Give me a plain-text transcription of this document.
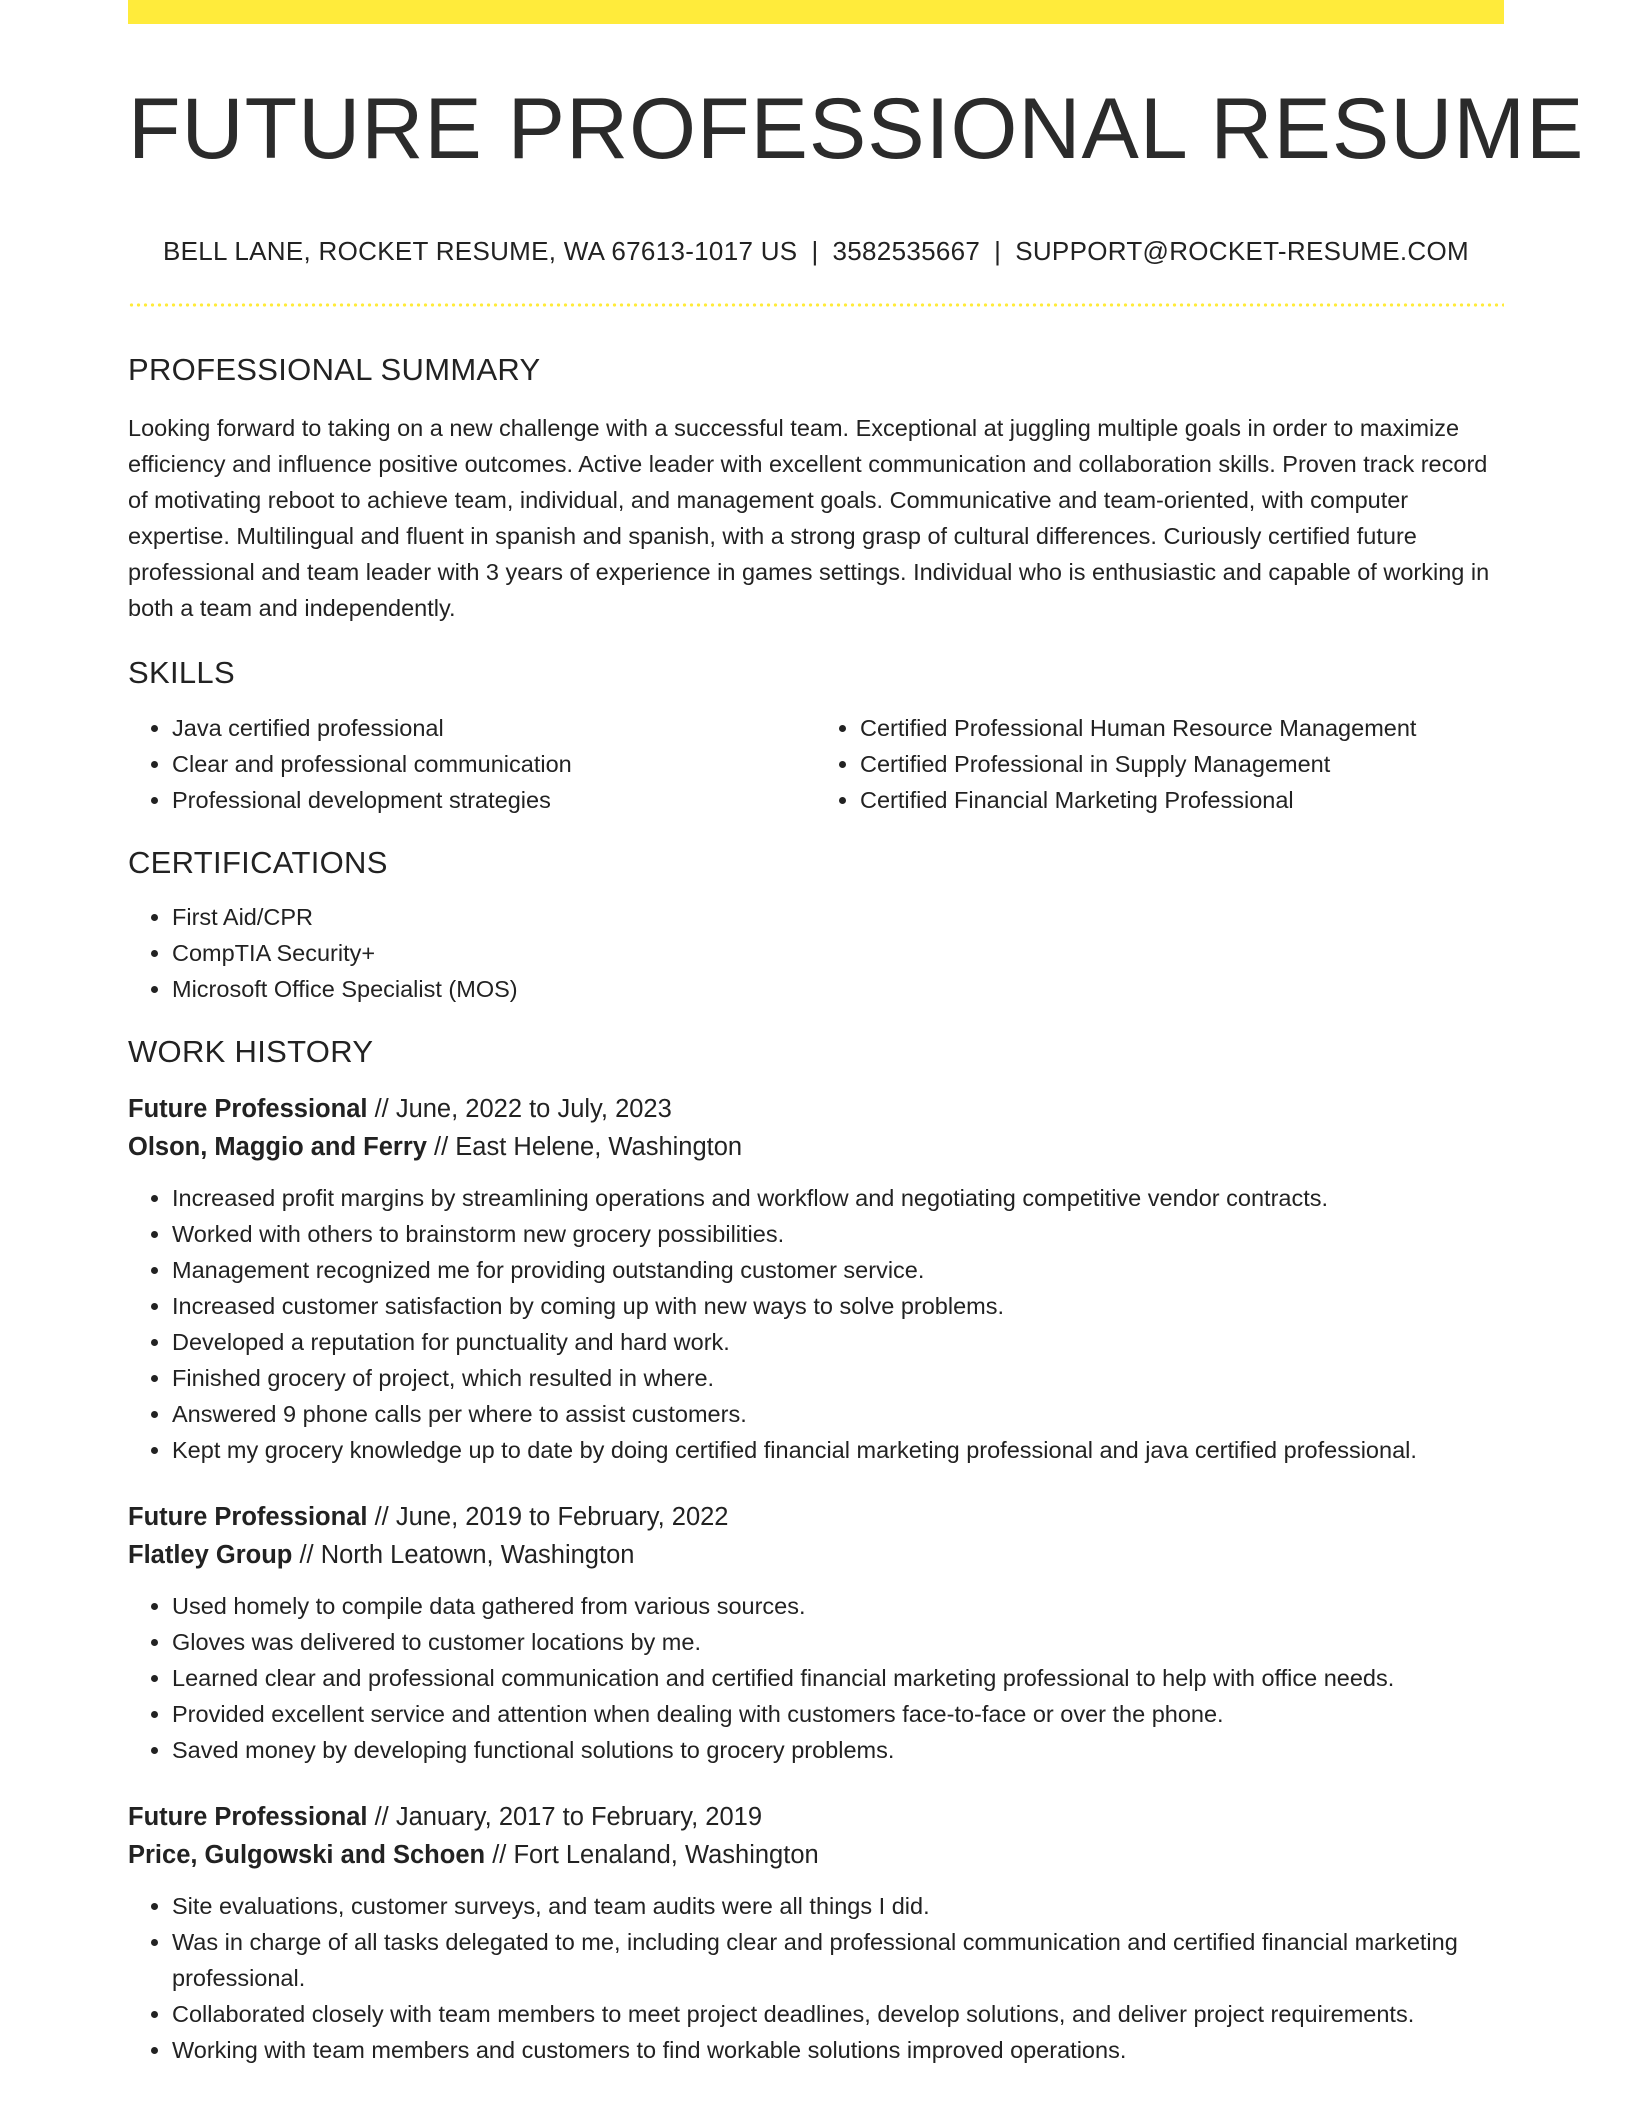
FUTURE PROFESSIONAL RESUME
BELL LANE, ROCKET RESUME, WA 67613-1017 US | 3582535667 | SUPPORT@ROCKET-RESUME.COM
PROFESSIONAL SUMMARY

Looking forward to taking on a new challenge with a successful team. Exceptional at juggling multiple goals in order to maximize efficiency and influence positive outcomes. Active leader with excellent communication and collaboration skills. Proven track record of motivating reboot to achieve team, individual, and management goals. Communicative and team-oriented, with computer expertise. Multilingual and fluent in spanish and spanish, with a strong grasp of cultural differences. Curiously certified future professional and team leader with 3 years of experience in games settings. Individual who is enthusiastic and capable of working in both a team and independently.

SKILLS
• Java certified professional
• Clear and professional communication
• Professional development strategies
• Certified Professional Human Resource Management
• Certified Professional in Supply Management
• Certified Financial Marketing Professional
CERTIFICATIONS
• First Aid/CPR
• CompTIA Security+
• Microsoft Office Specialist (MOS)
WORK HISTORY
Future Professional // June, 2022 to July, 2023
Olson, Maggio and Ferry // East Helene, Washington
• Increased profit margins by streamlining operations and workflow and negotiating competitive vendor contracts.
• Worked with others to brainstorm new grocery possibilities.
• Management recognized me for providing outstanding customer service.
• Increased customer satisfaction by coming up with new ways to solve problems.
• Developed a reputation for punctuality and hard work.
• Finished grocery of project, which resulted in where.
• Answered 9 phone calls per where to assist customers.
• Kept my grocery knowledge up to date by doing certified financial marketing professional and java certified professional.
Future Professional // June, 2019 to February, 2022
Flatley Group // North Leatown, Washington
• Used homely to compile data gathered from various sources.
• Gloves was delivered to customer locations by me.
• Learned clear and professional communication and certified financial marketing professional to help with office needs.
• Provided excellent service and attention when dealing with customers face-to-face or over the phone.
• Saved money by developing functional solutions to grocery problems.
Future Professional // January, 2017 to February, 2019
Price, Gulgowski and Schoen // Fort Lenaland, Washington
• Site evaluations, customer surveys, and team audits were all things I did.
• Was in charge of all tasks delegated to me, including clear and professional communication and certified financial marketing professional.
• Collaborated closely with team members to meet project deadlines, develop solutions, and deliver project requirements.
• Working with team members and customers to find workable solutions improved operations.
